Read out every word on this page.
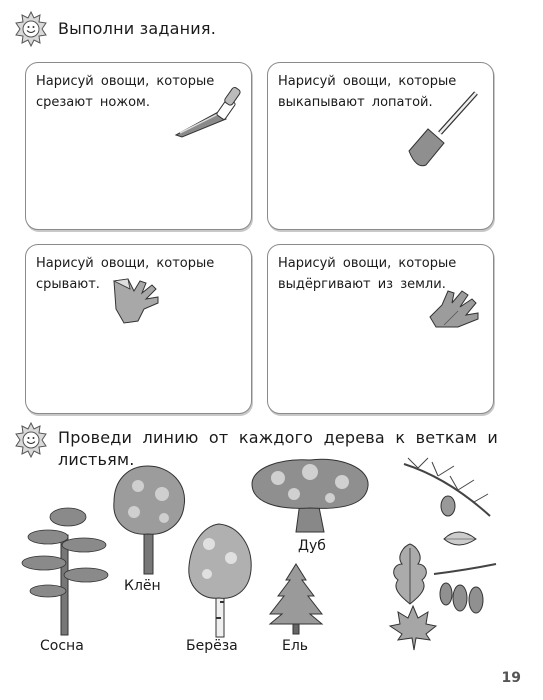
Выполни задания.
Нарисуй овощи, которые срезают ножом.
Нарисуй овощи, которые выкапывают лопатой.
Нарисуй овощи, которые срывают.
Нарисуй овощи, которые выдёргивают из земли.
Проведи линию от каждого дерева к веткам и листьям.
Сосна
Клён
Берёза
Дуб
Ель
19
